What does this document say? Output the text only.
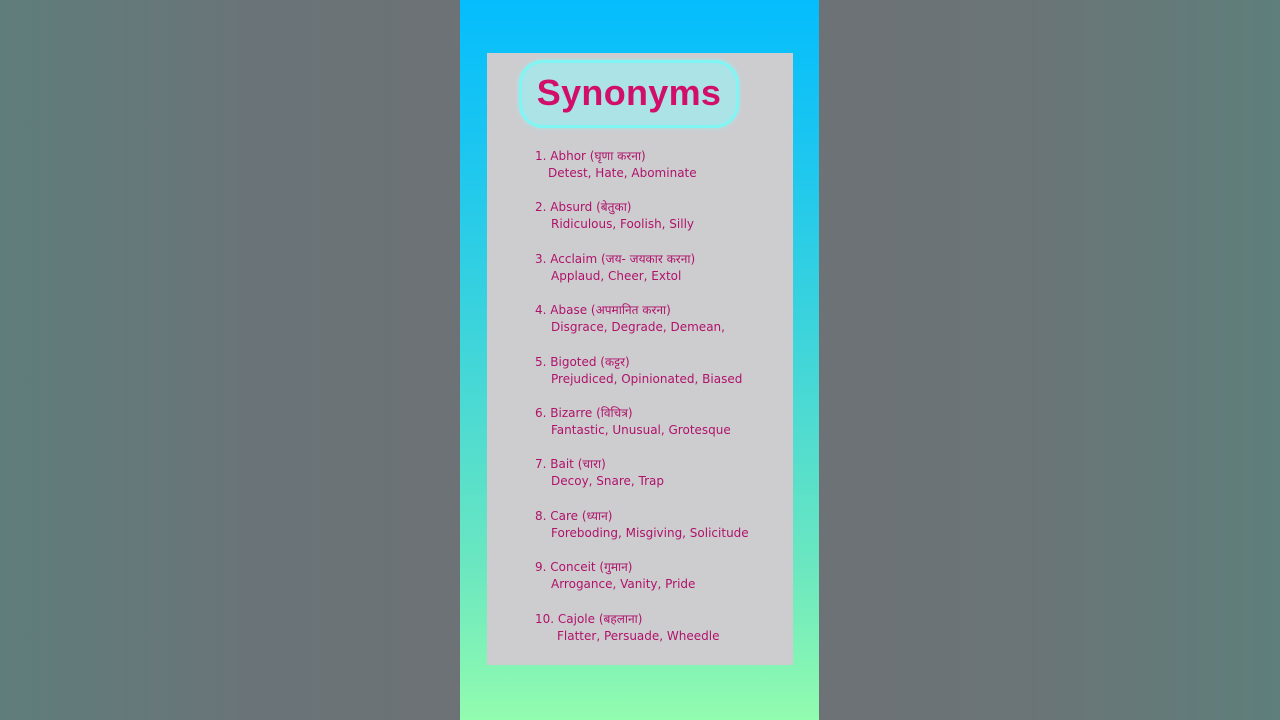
Synonyms
1. Abhor (घृणा करना)
Detest, Hate, Abominate
2. Absurd (बेतुका)
Ridiculous, Foolish, Silly
3. Acclaim (जय- जयकार करना)
Applaud, Cheer, Extol
4. Abase (अपमानित करना)
Disgrace, Degrade, Demean,
5. Bigoted (कट्टर)
Prejudiced, Opinionated, Biased
6. Bizarre (विचित्र)
Fantastic, Unusual, Grotesque
7. Bait (चारा)
Decoy, Snare, Trap
8. Care (ध्यान)
Foreboding, Misgiving, Solicitude
9. Conceit (गुमान)
Arrogance, Vanity, Pride
10. Cajole (बहलाना)
Flatter, Persuade, Wheedle
